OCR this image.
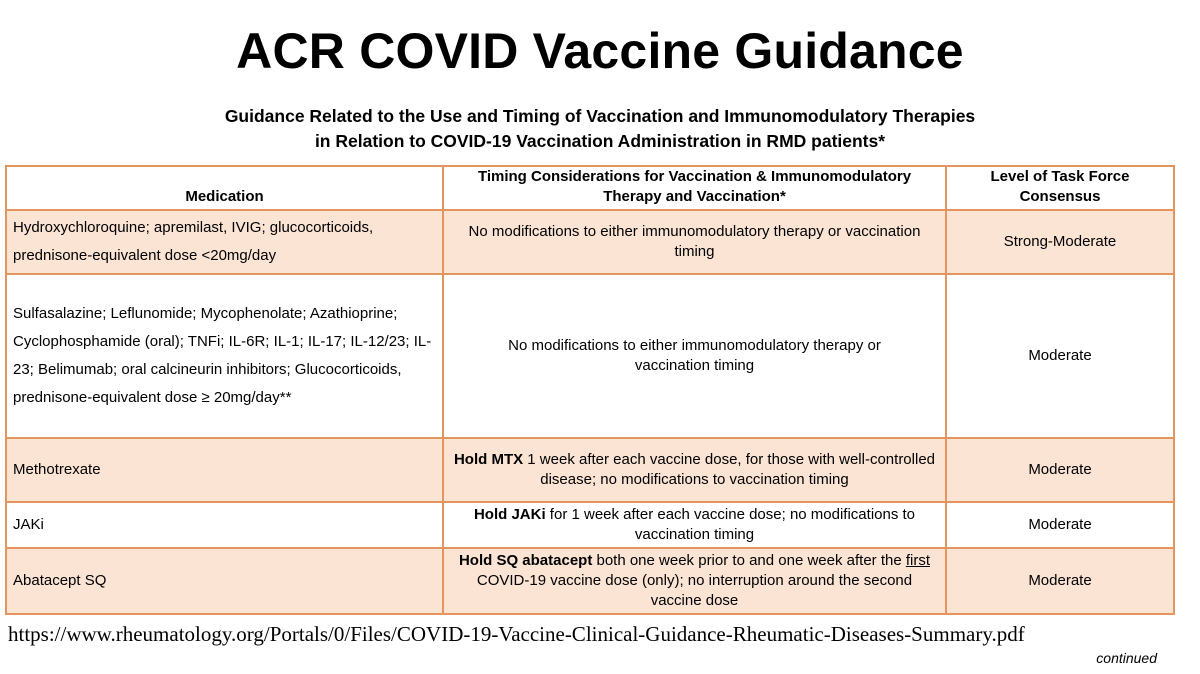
ACR COVID Vaccine Guidance
Guidance Related to the Use and Timing of Vaccination and Immunomodulatory Therapies
in Relation to COVID-19 Vaccination Administration in RMD patients*
Medication	Timing Considerations for Vaccination & Immunomodulatory Therapy and Vaccination*	Level of Task Force Consensus
Hydroxychloroquine; apremilast, IVIG; glucocorticoids, prednisone-equivalent dose <20mg/day	No modifications to either immunomodulatory therapy or vaccination timing	Strong-Moderate
Sulfasalazine; Leflunomide; Mycophenolate; Azathioprine; Cyclophosphamide (oral); TNFi; IL-6R; IL-1; IL-17; IL-12/23; IL-23; Belimumab; oral calcineurin inhibitors; Glucocorticoids, prednisone-equivalent dose ≥ 20mg/day**	No modifications to either immunomodulatory therapy or vaccination timing	Moderate
Methotrexate	Hold MTX 1 week after each vaccine dose, for those with well-controlled disease; no modifications to vaccination timing	Moderate
JAKi	Hold JAKi for 1 week after each vaccine dose; no modifications to vaccination timing	Moderate
Abatacept SQ	Hold SQ abatacept both one week prior to and one week after the first COVID-19 vaccine dose (only); no interruption around the second vaccine dose	Moderate
https://www.rheumatology.org/Portals/0/Files/COVID-19-Vaccine-Clinical-Guidance-Rheumatic-Diseases-Summary.pdf
continued
